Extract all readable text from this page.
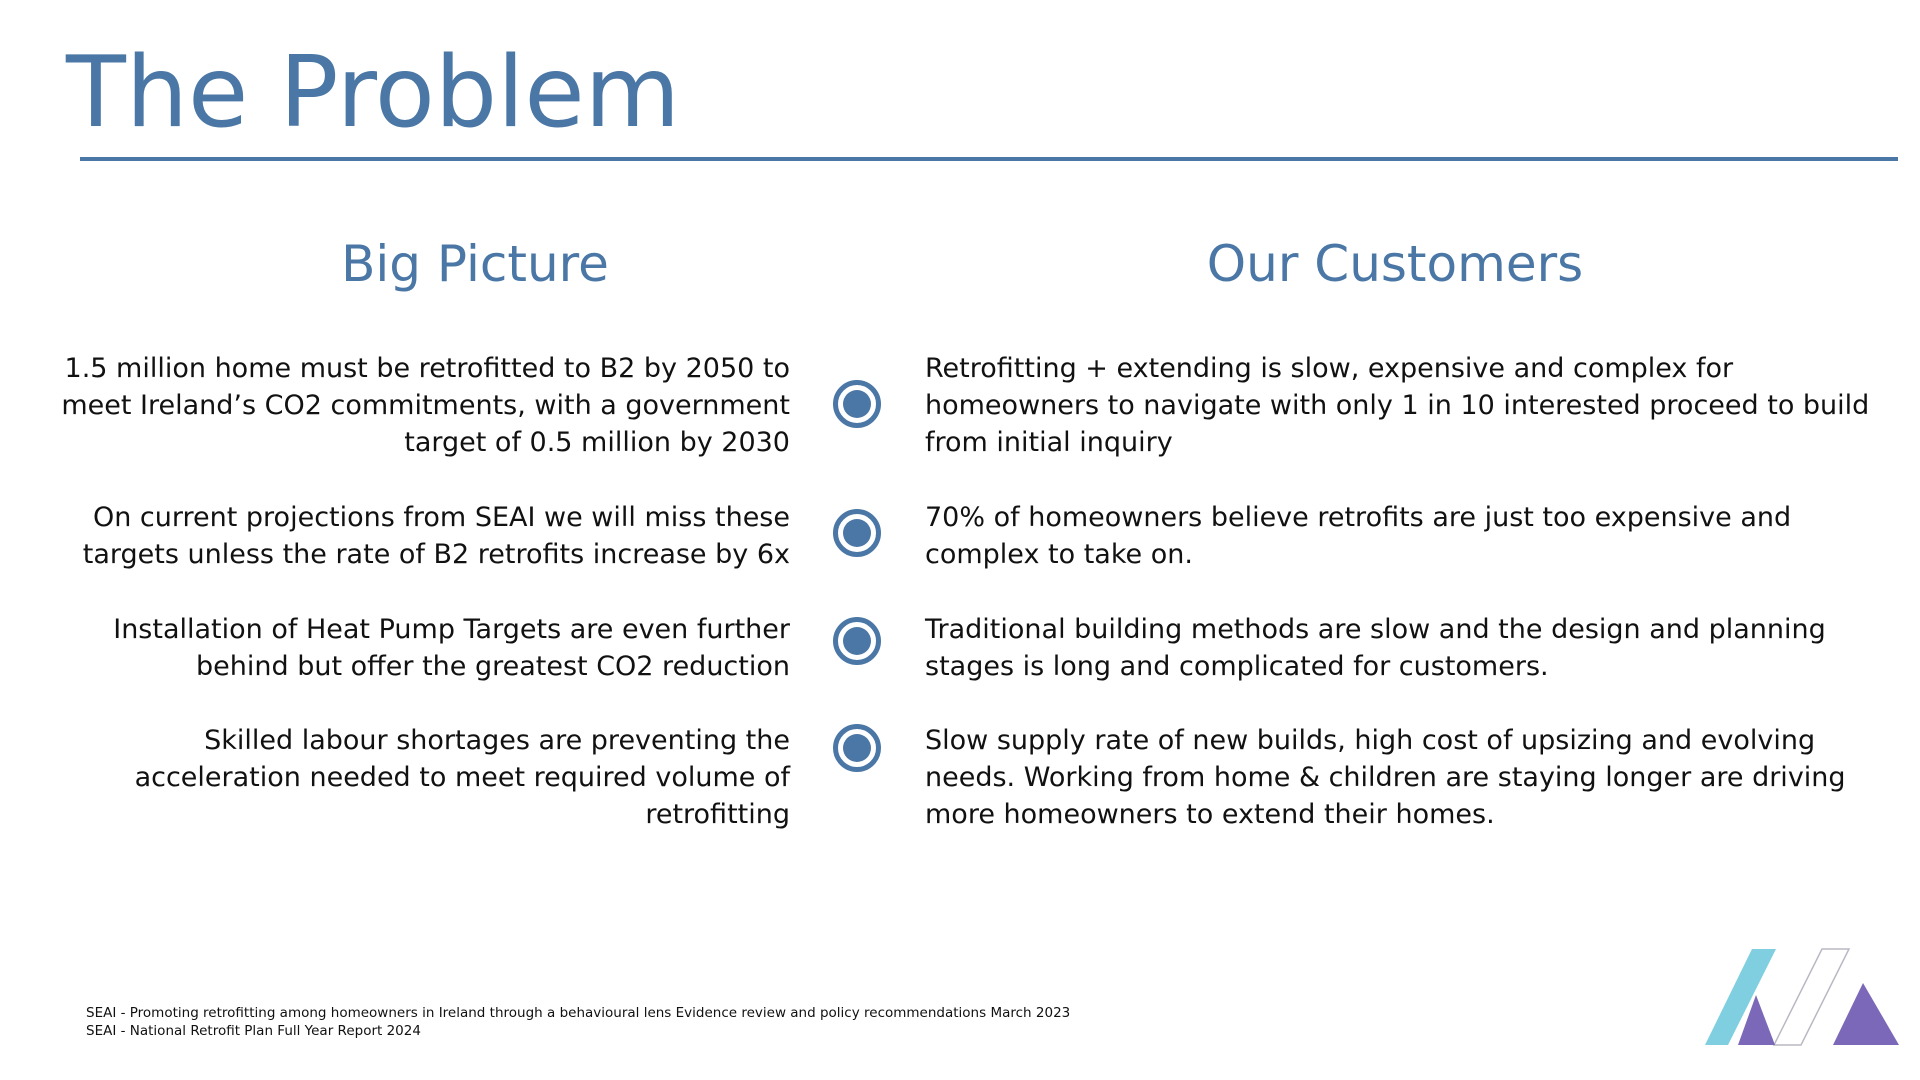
The Problem
Big Picture	Our Customers
1.5 million home must be retrofitted to B2 by 2050 to meet Ireland’s CO2 commitments, with a government target of 0.5 million by 2030
Retrofitting + extending is slow, expensive and complex for homeowners to navigate with only 1 in 10 interested proceed to build from initial inquiry
On current projections from SEAI we will miss these targets unless the rate of B2 retrofits increase by 6x
70% of homeowners believe retrofits are just too expensive and complex to take on.
Installation of Heat Pump Targets are even further behind but offer the greatest CO2 reduction
Traditional building methods are slow and the design and planning stages is long and complicated for customers.
Skilled labour shortages are preventing the acceleration needed to meet required volume of retrofitting
Slow supply rate of new builds, high cost of upsizing and evolving needs. Working from home & children are staying longer are driving more homeowners to extend their homes.
SEAI - Promoting retrofitting among homeowners in Ireland through a behavioural lens Evidence review and policy recommendations March 2023
SEAI - National Retrofit Plan Full Year Report 2024
